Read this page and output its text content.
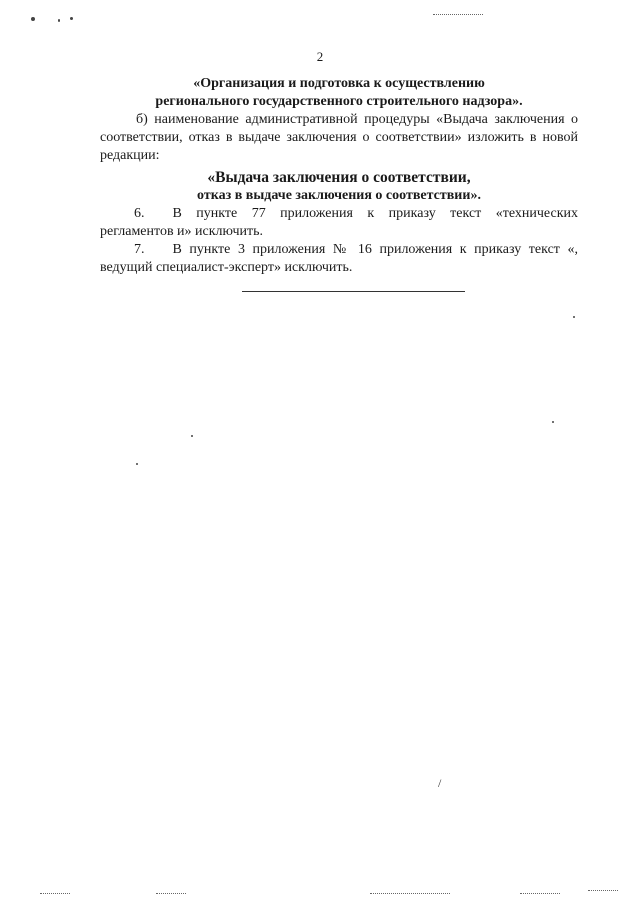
2

«Организация и подготовка к осуществлению

регионального государственного строительного надзора».

б) наименование административной процедуры «Выдача заключения о соответствии, отказ в выдаче заключения о соответствии» изложить в новой редакции:

«Выдача заключения о соответствии,

отказ в выдаче заключения о соответствии».

6.  В пункте 77 приложения к приказу текст «технических регламентов и» исключить.

7.  В пункте 3 приложения № 16 приложения к приказу текст «, ведущий специалист-эксперт» исключить.

/
